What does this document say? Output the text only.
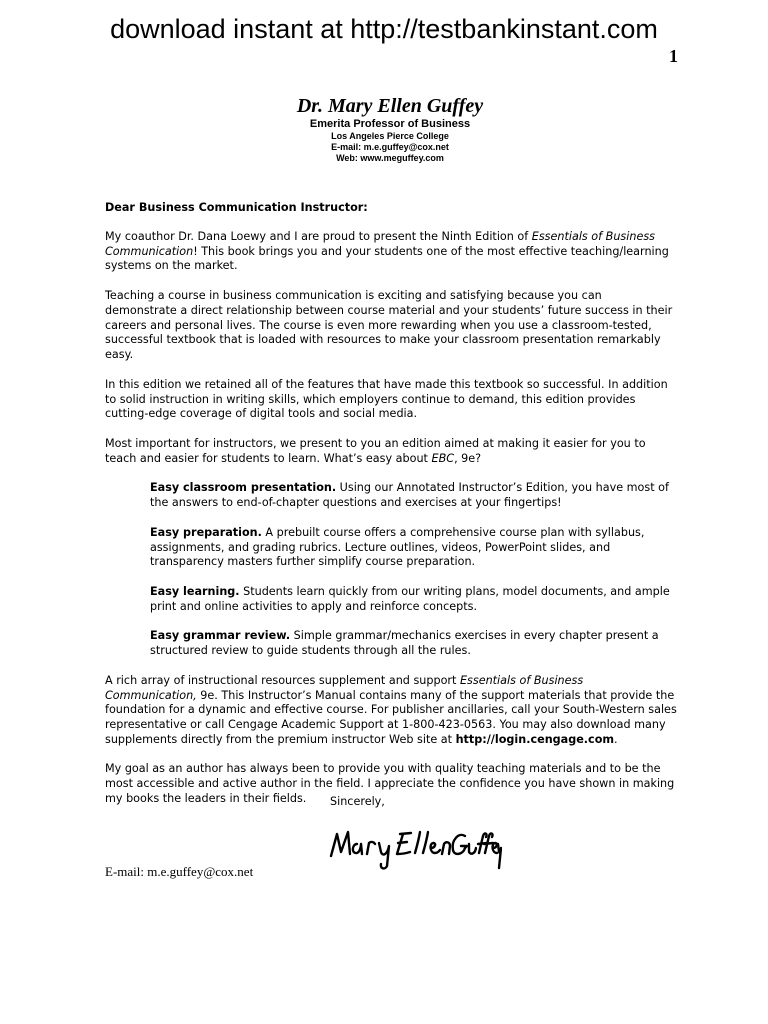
download instant at http://testbankinstant.com
1
Dr. Mary Ellen Guffey
Emerita Professor of Business
Los Angeles Pierce College
E-mail: m.e.guffey@cox.net
Web: www.meguffey.com

Dear Business Communication Instructor:

My coauthor Dr. Dana Loewy and I are proud to present the Ninth Edition of Essentials of Business Communication! This book brings you and your students one of the most effective teaching/learning systems on the market.

Teaching a course in business communication is exciting and satisfying because you can demonstrate a direct relationship between course material and your students’ future success in their careers and personal lives. The course is even more rewarding when you use a classroom-tested, successful textbook that is loaded with resources to make your classroom presentation remarkably easy.

In this edition we retained all of the features that have made this textbook so successful. In addition to solid instruction in writing skills, which employers continue to demand, this edition provides cutting-edge coverage of digital tools and social media.

Most important for instructors, we present to you an edition aimed at making it easier for you to teach and easier for students to learn. What’s easy about EBC, 9e?

Easy classroom presentation. Using our Annotated Instructor’s Edition, you have most of the answers to end-of-chapter questions and exercises at your fingertips!

Easy preparation. A prebuilt course offers a comprehensive course plan with syllabus, assignments, and grading rubrics. Lecture outlines, videos, PowerPoint slides, and transparency masters further simplify course preparation.

Easy learning. Students learn quickly from our writing plans, model documents, and ample print and online activities to apply and reinforce concepts.

Easy grammar review. Simple grammar/mechanics exercises in every chapter present a structured review to guide students through all the rules.

A rich array of instructional resources supplement and support Essentials of Business Communication, 9e. This Instructor’s Manual contains many of the support materials that provide the foundation for a dynamic and effective course. For publisher ancillaries, call your South-Western sales representative or call Cengage Academic Support at 1-800-423-0563. You may also download many supplements directly from the premium instructor Web site at http://login.cengage.com.

My goal as an author has always been to provide you with quality teaching materials and to be the most accessible and active author in the field. I appreciate the confidence you have shown in making my books the leaders in their fields.	Sincerely,
E-mail: m.e.guffey@cox.net
